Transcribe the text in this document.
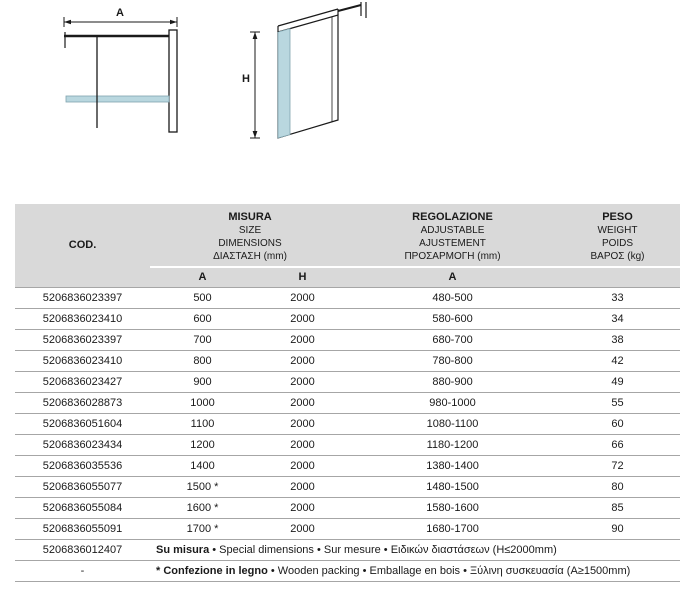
A
H
COD.	
MISURA
SIZE
DIMENSIONS
ΔΙΑΣΤΑΣΗ (mm)

REGOLAZIONE
ADJUSTABLE
AJUSTEMENT
ΠΡΟΣΑΡΜΟΓΗ (mm)

PESO
WEIGHT
POIDS
ΒΑΡΟΣ (kg)

	A	H	A	
5206836023397	500	2000	480-500	33
5206836023410	600	2000	580-600	34
5206836023397	700	2000	680-700	38
5206836023410	800	2000	780-800	42
5206836023427	900	2000	880-900	49
5206836028873	1000	2000	980-1000	55
5206836051604	1100	2000	1080-1100	60
5206836023434	1200	2000	1180-1200	66
5206836035536	1400	2000	1380-1400	72
5206836055077	1500 *	2000	1480-1500	80
5206836055084	1600 *	2000	1580-1600	85
5206836055091	1700 *	2000	1680-1700	90
5206836012407	Su misura • Special dimensions • Sur mesure • Ειδικών διαστάσεων (H≤2000mm)			
-	* Confezione in legno • Wooden packing • Emballage en bois • Ξύλινη συσκευασία (A≥1500mm)			
